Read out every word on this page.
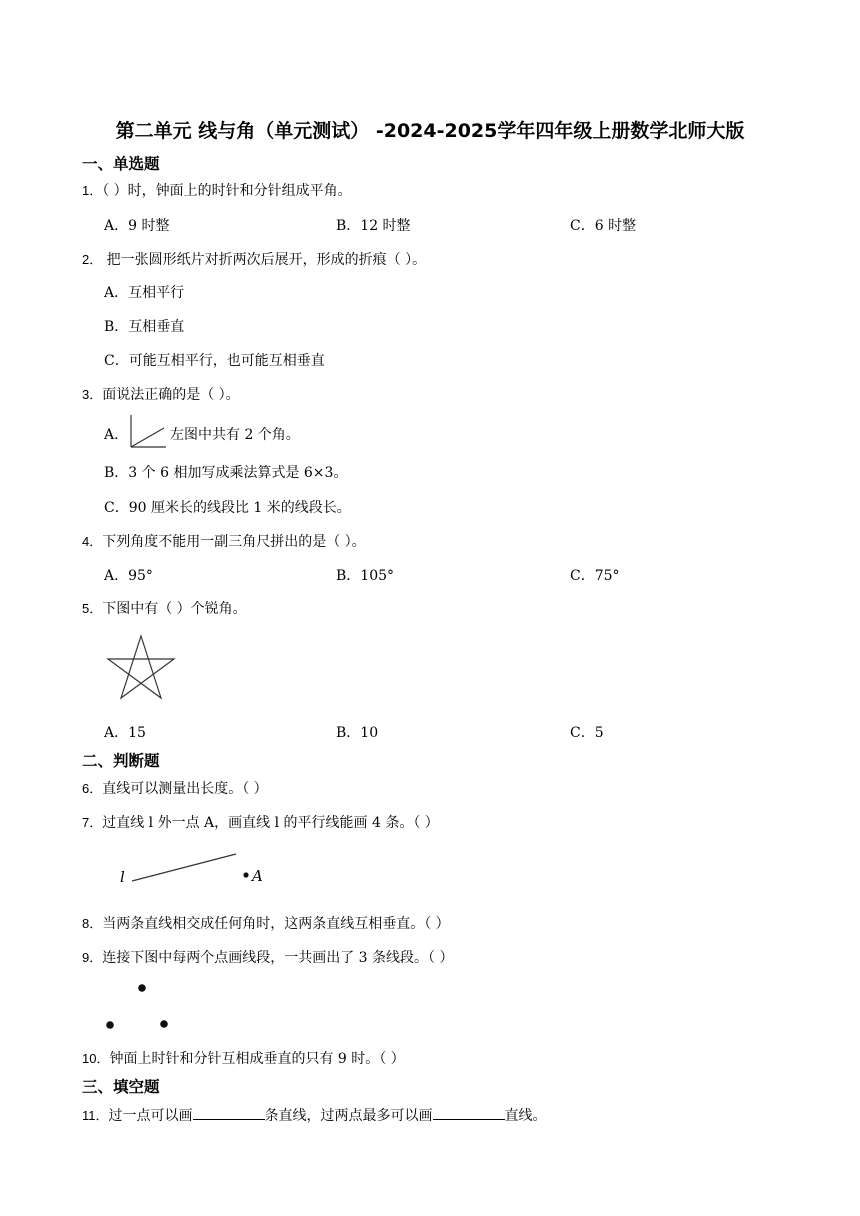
第二单元 线与角（单元测试） -2024-2025学年四年级上册数学北师大版
一、单选题
1．（ ）时，钟面上的时针和分针组成平角。
A．9 时整	B．12 时整	C．6 时整
2． 把一张圆形纸片对折两次后展开，形成的折痕（ ）。
A．互相平行
B．互相垂直
C．可能互相平行，也可能互相垂直
3．面说法正确的是（ ）。
A．	左图中共有 2 个角。
B．3 个 6 相加写成乘法算式是 6×3。
C．90 厘米长的线段比 1 米的线段长。
4．下列角度不能用一副三角尺拼出的是（ ）。
A．95°	B．105°	C．75°
5．下图中有（ ）个锐角。
A．15	B．10	C．5
二、判断题
6．直线可以测量出长度。（ ）
7．过直线 l 外一点 A，画直线 l 的平行线能画 4 条。（ ）
l	A
8．当两条直线相交成任何角时，这两条直线互相垂直。（ ）
9．连接下图中每两个点画线段，一共画出了 3 条线段。（ ）
10．钟面上时针和分针互相成垂直的只有 9 时。（ ）
三、填空题
11．过一点可以画	条直线，过两点最多可以画	直线。
